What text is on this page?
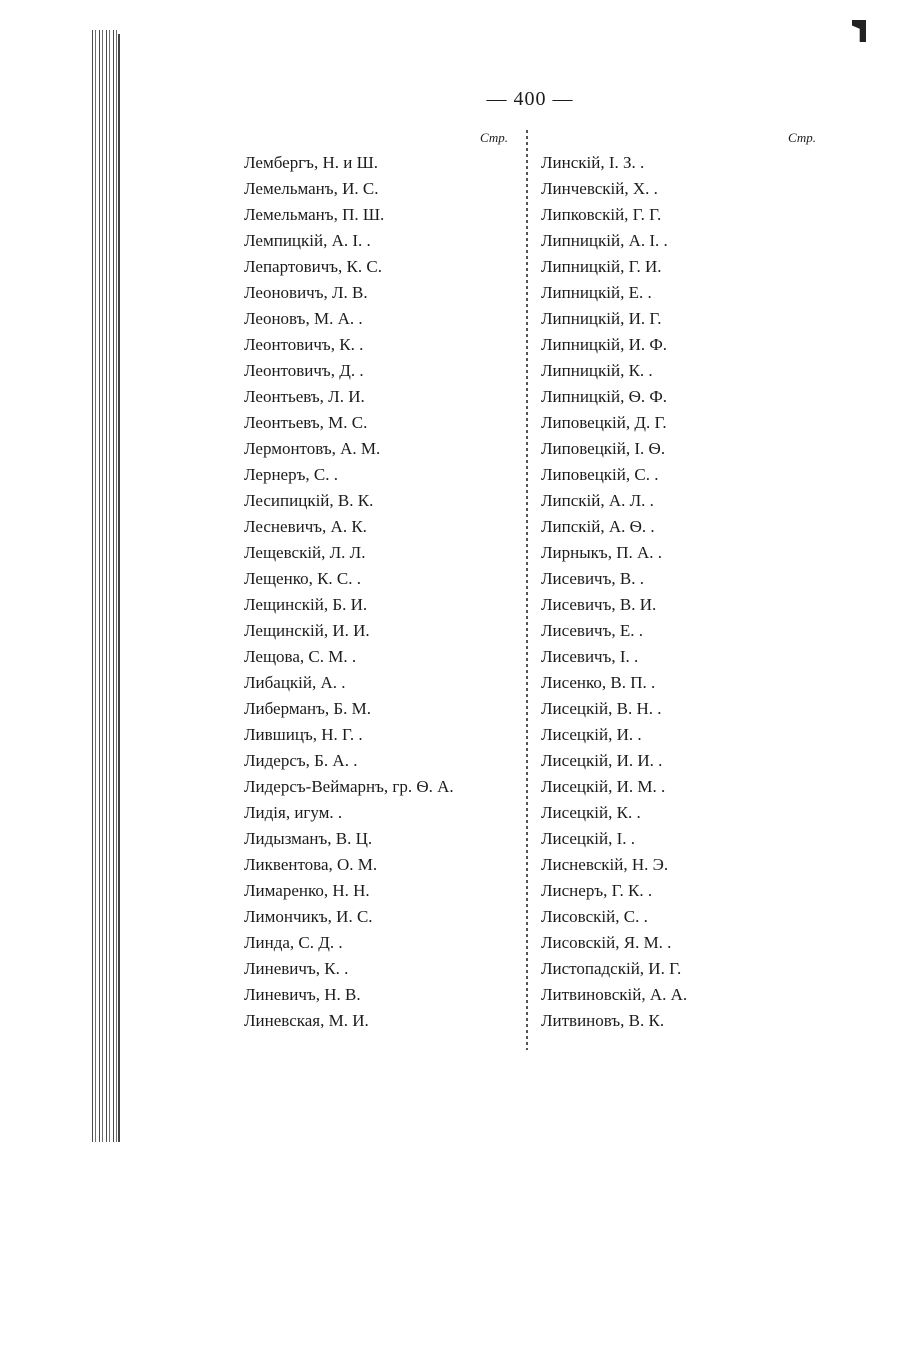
— 400 —
Стр.	Стр.
Лембергъ, Н. и Ш.
Лемельманъ, И. С.
Лемельманъ, П. Ш.
Лемпицкій, А. І. .
Лепартовичъ, К. С.
Леоновичъ, Л. В.
Леоновъ, М. А. .
Леонтовичъ, К. .
Леонтовичъ, Д. .
Леонтьевъ, Л. И.
Леонтьевъ, М. С.
Лермонтовъ, А. М.
Лернеръ, С. .
Лесипицкій, В. К.
Лесневичъ, А. К.
Лещевскій, Л. Л.
Лещенко, К. С. .
Лещинскій, Б. И.
Лещинскій, И. И.
Лещова, С. М. .
Либацкій, А. .
Либерманъ, Б. М.
Лившицъ, Н. Г. .
Лидерсъ, Б. А. .
Лидерсъ-Веймарнъ, гр. Ѳ. А.
Лидія, игум. .
Лидызманъ, В. Ц.
Ликвентова, О. М.
Лимаренко, Н. Н.
Лимончикъ, И. С.
Линда, С. Д. .
Линевичъ, К. .
Линевичъ, Н. В.
Линевская, М. И.
Линскій, І. З. .
Линчевскій, Х. .
Липковскій, Г. Г.
Липницкій, А. І. .
Липницкій, Г. И.
Липницкій, Е. .
Липницкій, И. Г.
Липницкій, И. Ф.
Липницкій, К. .
Липницкій, Ѳ. Ф.
Липовецкій, Д. Г.
Липовецкій, І. Ѳ.
Липовецкій, С. .
Липскій, А. Л. .
Липскій, А. Ѳ. .
Лирныкъ, П. А. .
Лисевичъ, В. .
Лисевичъ, В. И.
Лисевичъ, Е. .
Лисевичъ, І. .
Лисенко, В. П. .
Лисецкій, В. Н. .
Лисецкій, И. .
Лисецкій, И. И. .
Лисецкій, И. М. .
Лисецкій, К. .
Лисецкій, І. .
Лисневскій, Н. Э.
Лиснеръ, Г. К. .
Лисовскій, С. .
Лисовскій, Я. М. .
Листопадскій, И. Г.
Литвиновскій, А. А.
Литвиновъ, В. К.
